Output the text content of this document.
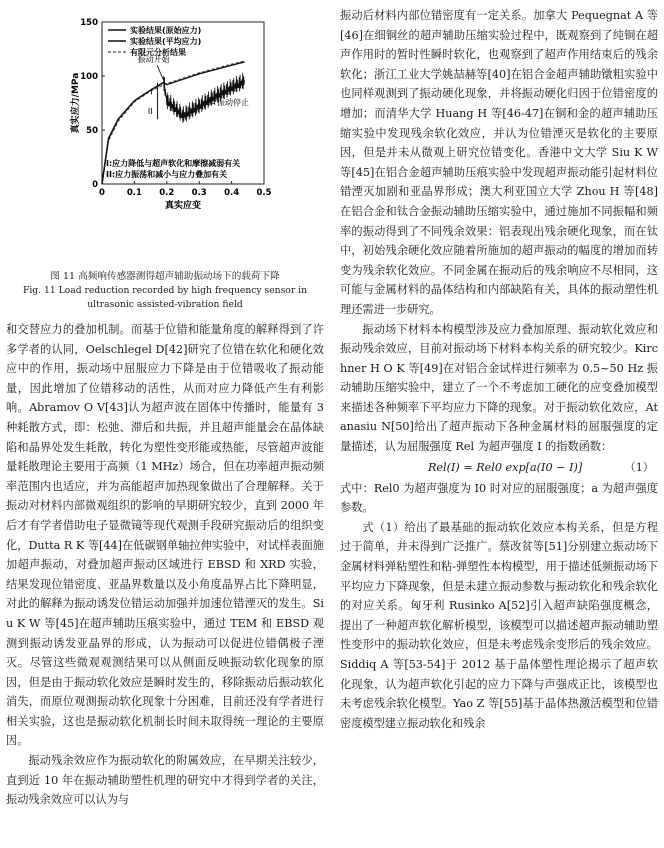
0	0.1 0.2 0.3 0.4 0.5
0
50
100
150
真实应变
真实应力/MPa	I
II
振动开始
振动停止
实验结果(原始应力)
实验结果(平均应力)
有限元分析结果
I:应力降低与超声软化和摩擦减弱有关
II:应力振荡和减小与应力叠加有关

图 11 高频响传感器测得超声辅助振动场下的载荷下降

Fig. 11 Load reduction recorded by high frequency sensor in

ultrasonic assisted-vibration field

和交替应力的叠加机制。而基于位错和能量角度的解释得到了许多学者的认同，Oelschlegel D[42]研究了位错在软化和硬化效应中的作用，振动场中屈服应力下降是由于位错吸收了振动能量，因此增加了位错移动的活性，从而对应力降低产生有利影响。Abramov O V[43]认为超声波在固体中传播时，能量有 3 种耗散方式，即：松弛、滞后和共振，并且超声能量会在晶体缺陷和晶界处发生耗散，转化为塑性变形能或热能，尽管超声波能量耗散理论主要用于高频（1 MHz）场合，但在功率超声振动频率范围内也适应，并为高能超声加热现象做出了合理解释。关于振动对材料内部微观组织的影响的早期研究较少，直到 2000 年后才有学者借助电子显微镜等现代观测手段研究振动后的组织变化，Dutta R K 等[44]在低碳钢单轴拉伸实验中，对试样表面施加超声振动，对叠加超声振动区域进行 EBSD 和 XRD 实验，结果发现位错密度、亚晶界数量以及小角度晶界占比下降明显，对此的解释为振动诱发位错运动加强并加速位错湮灭的发生。Siu K W 等[45]在超声辅助压痕实验中，通过 TEM 和 EBSD 观测到振动诱发亚晶界的形成，认为振动可以促进位错偶极子湮灭。尽管这些微观观测结果可以从侧面反映振动软化现象的原因，但是由于振动软化效应是瞬时发生的，移除振动后振动软化消失，而原位观测振动软化现象十分困难，目前还没有学者进行相关实验，这也是振动软化机制长时间未取得统一理论的主要原因。

振动残余效应作为振动软化的附属效应，在早期关注较少，直到近 10 年在振动辅助塑性机理的研究中才得到学者的关注，振动残余效应可以认为与

振动后材料内部位错密度有一定关系。加拿大 Pequegnat A 等[46]在细铜丝的超声辅助压缩实验过程中，既观察到了纯铜在超声作用时的暂时性瞬时软化，也观察到了超声作用结束后的残余软化；浙江工业大学姚喆赫等[40]在铝合金超声辅助镦粗实验中也同样观测到了振动硬化现象，并将振动硬化归因于位错密度的增加；而清华大学 Huang H 等[46-47]在铜和金的超声辅助压缩实验中发现残余软化效应，并认为位错湮灭是软化的主要原因，但是并未从微观上研究位错变化。香港中文大学 Siu K W 等[45]在铝合金超声辅助压痕实验中发现超声振动能引起材料位错湮灭加剧和亚晶界形成；澳大利亚国立大学 Zhou H 等[48]在铝合金和钛合金振动辅助压缩实验中，通过施加不同振幅和频率的振动得到了不同残余效果：铝表现出残余硬化现象，而在钛中，初始残余硬化效应随着所施加的超声振动的幅度的增加而转变为残余软化效应。不同金属在振动后的残余响应不尽相同，这可能与金属材料的晶体结构和内部缺陷有关，具体的振动塑性机理还需进一步研究。

振动场下材料本构模型涉及应力叠加原理、振动软化效应和振动残余效应，目前对振动场下材料本构关系的研究较少。Kirchner H O K 等[49]在对铝合金试样进行频率为 0.5~50 Hz 振动辅助压缩实验中，建立了一个不考虑加工硬化的应变叠加模型来描述各种频率下平均应力下降的现象。对于振动软化效应，Atanasiu N[50]给出了超声振动下各种金属材料的屈服强度的定量描述，认为屈服强度 Rel 为超声强度 I 的指数函数：

Rel(I) = Rel0 exp[a(I0 − I)]	（1）

式中：Rel0 为超声强度为 I0 时对应的屈服强度；a 为超声强度参数。

式（1）给出了最基础的振动软化效应本构关系，但是方程过于简单，并未得到广泛推广。蔡改贫等[51]分别建立振动场下金属材料弹粘塑性和粘-弹塑性本构模型，用于描述低频振动场下平均应力下降现象，但是未建立振动参数与振动软化和残余软化的对应关系。匈牙利 Rusinko A[52]引入超声缺陷强度概念，提出了一种超声软化解析模型，该模型可以描述超声振动辅助塑性变形中的振动软化效应，但是未考虑残余变形后的残余效应。Siddiq A 等[53-54]于 2012 基于晶体塑性理论揭示了超声软化现象，认为超声软化引起的应力下降与声强成正比，该模型也未考虑残余软化模型。Yao Z 等[55]基于晶体热激活模型和位错密度模型建立振动软化和残余
